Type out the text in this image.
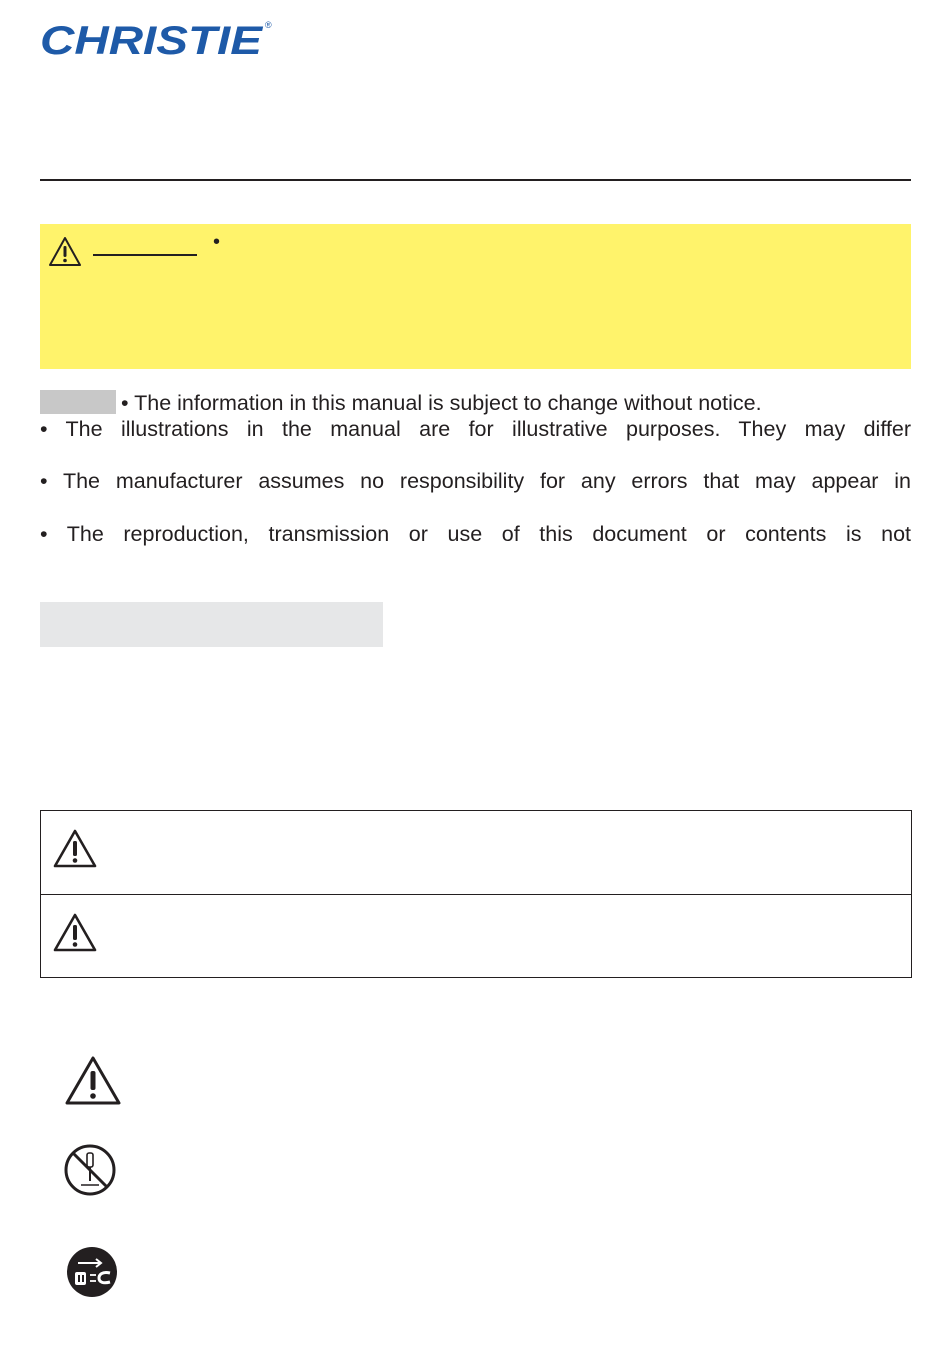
CHRISTIE ®
•
• The information in this manual is subject to change without notice.
• The illustrations in the manual are for illustrative purposes. They may differ
• The manufacturer assumes no responsibility for any errors that may appear in
• The reproduction, transmission or use of this document or contents is not
